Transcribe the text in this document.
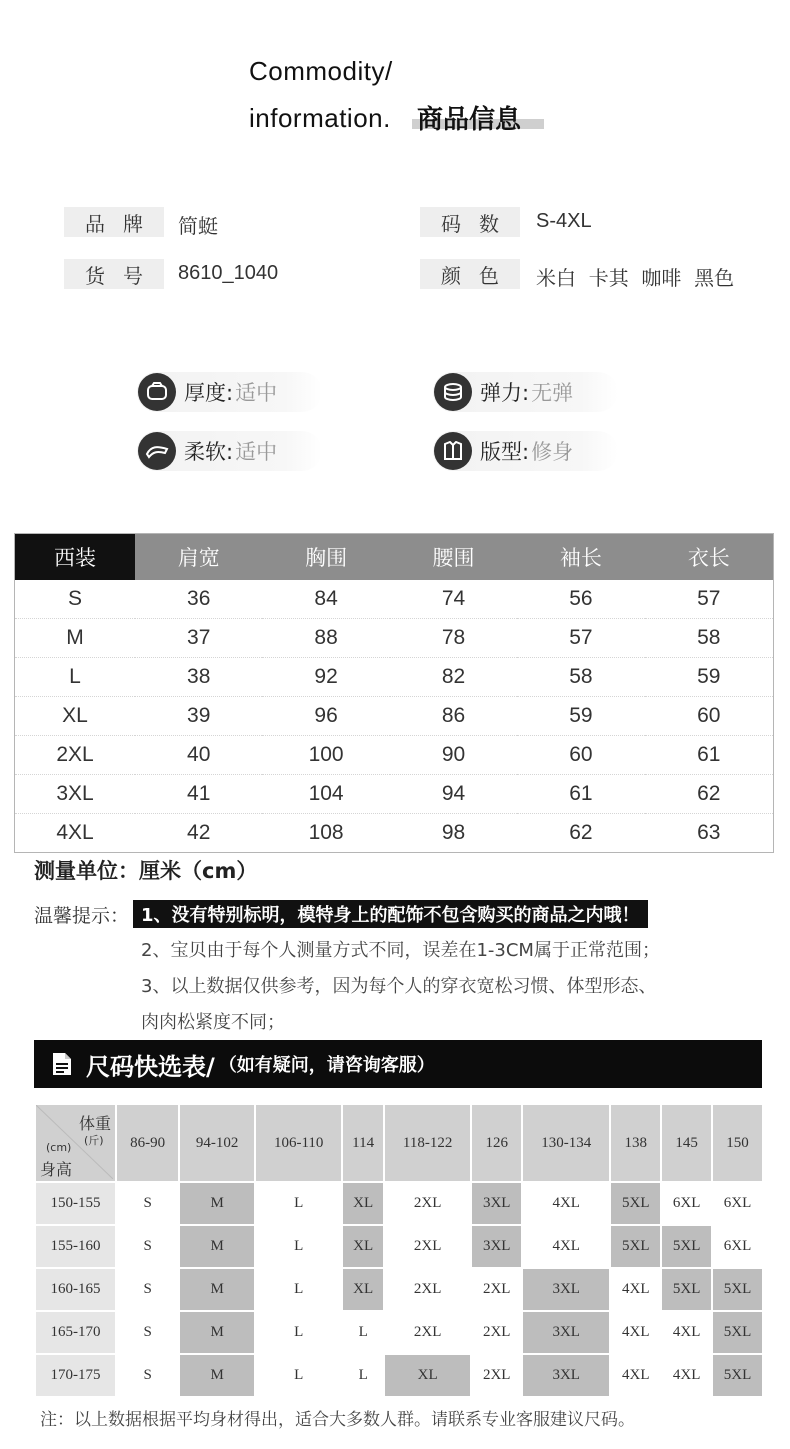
Commodity/
information. 商品信息
品牌 简蜓
货号 8610_1040
码数 S-4XL
颜色 米白  卡其  咖啡  黑色
厚度: 适中	弹力: 无弹
柔软: 适中	版型: 修身
西装	肩宽	胸围	腰围	袖长	衣长
S	36	84	74	56	57
M	37	88	78	57	58
L	38	92	82	58	59
XL	39	96	86	59	60
2XL	40	100	90	60	61
3XL	41	104	94	61	62
4XL	42	108	98	62	63
测量单位：厘米（cm）
温馨提示： 1、没有特别标明，模特身上的配饰不包含购买的商品之内哦！
2、宝贝由于每个人测量方式不同，误差在1-3CM属于正常范围；
3、以上数据仅供参考，因为每个人的穿衣宽松习惯、体型形态、
肉肉松紧度不同；
尺码快选表/ （如有疑问，请咨询客服）
体重
(斤)
(cm)
身高	86-90	94-102	106-110	114	118-122	126	130-134	138	145	150
150-155	S	M	L	XL	2XL	3XL	4XL	5XL	6XL	6XL
155-160	S	M	L	XL	2XL	3XL	4XL	5XL	5XL	6XL
160-165	S	M	L	XL	2XL	2XL	3XL	4XL	5XL	5XL
165-170	S	M	L	L	2XL	2XL	3XL	4XL	4XL	5XL
170-175	S	M	L	L	XL	2XL	3XL	4XL	4XL	5XL
注：以上数据根据平均身材得出，适合大多数人群。请联系专业客服建议尺码。
